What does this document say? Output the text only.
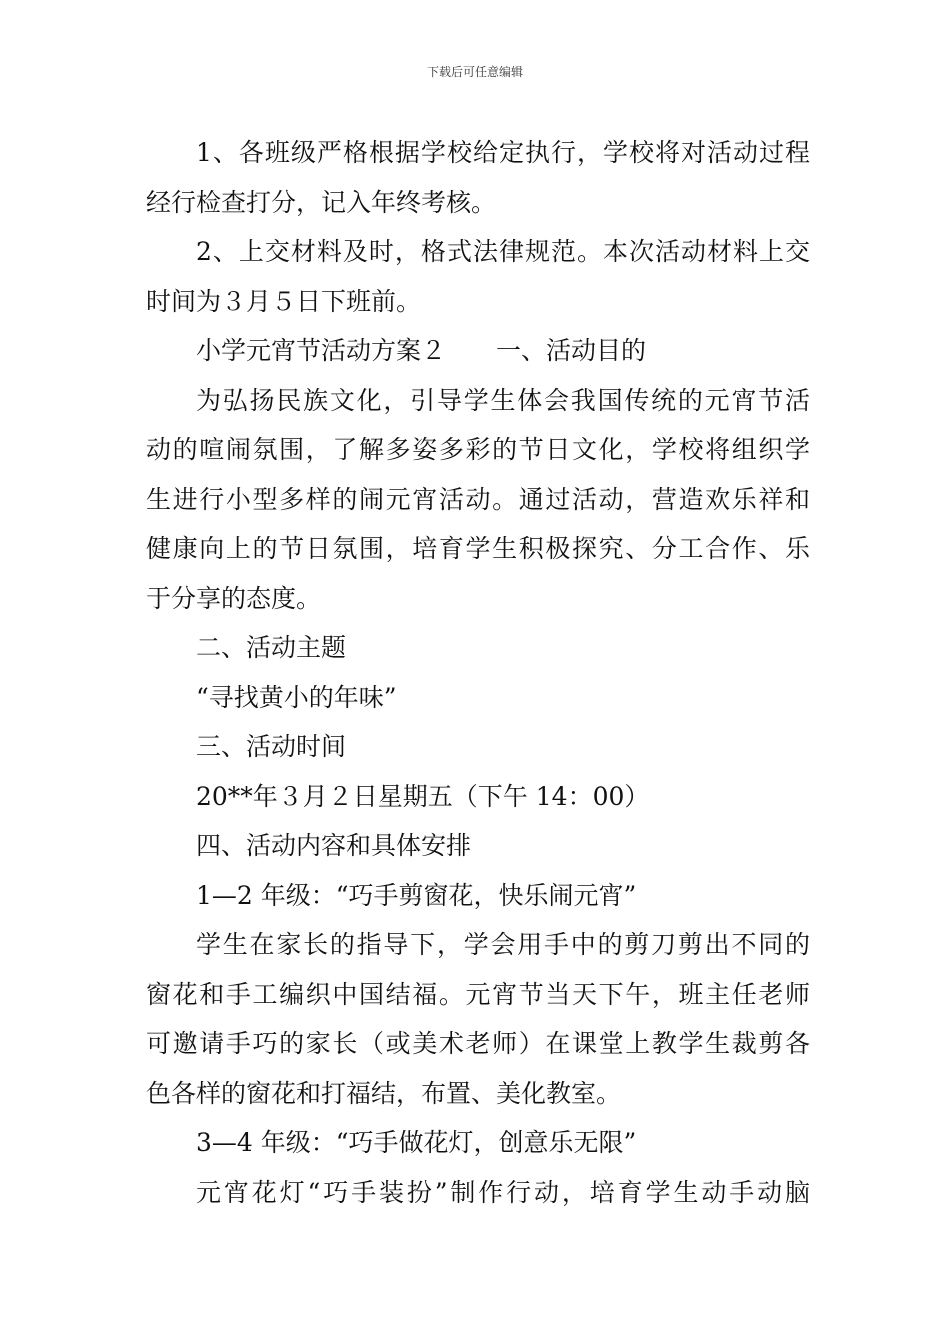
下载后可任意编辑
1、各班级严格根据学校给定执行，学校将对活动过程
经行检查打分，记入年终考核。
2、上交材料及时，格式法律规范。本次活动材料上交
时间为３月５日下班前。
小学元宵节活动方案２ 一、活动目的
为弘扬民族文化，引导学生体会我国传统的元宵节活
动的喧闹氛围，了解多姿多彩的节日文化，学校将组织学
生进行小型多样的闹元宵活动。通过活动，营造欢乐祥和
健康向上的节日氛围，培育学生积极探究、分工合作、乐
于分享的态度。
二、活动主题
“寻找黄小的年味”
三、活动时间
20**年３月２日星期五（下午 14：00）
四、活动内容和具体安排
1—2 年级：“巧手剪窗花，快乐闹元宵”
学生在家长的指导下，学会用手中的剪刀剪出不同的
窗花和手工编织中国结福。元宵节当天下午，班主任老师
可邀请手巧的家长（或美术老师）在课堂上教学生裁剪各
色各样的窗花和打福结，布置、美化教室。
3—4 年级：“巧手做花灯，创意乐无限”
元宵花灯“巧手装扮”制作行动，培育学生动手动脑
